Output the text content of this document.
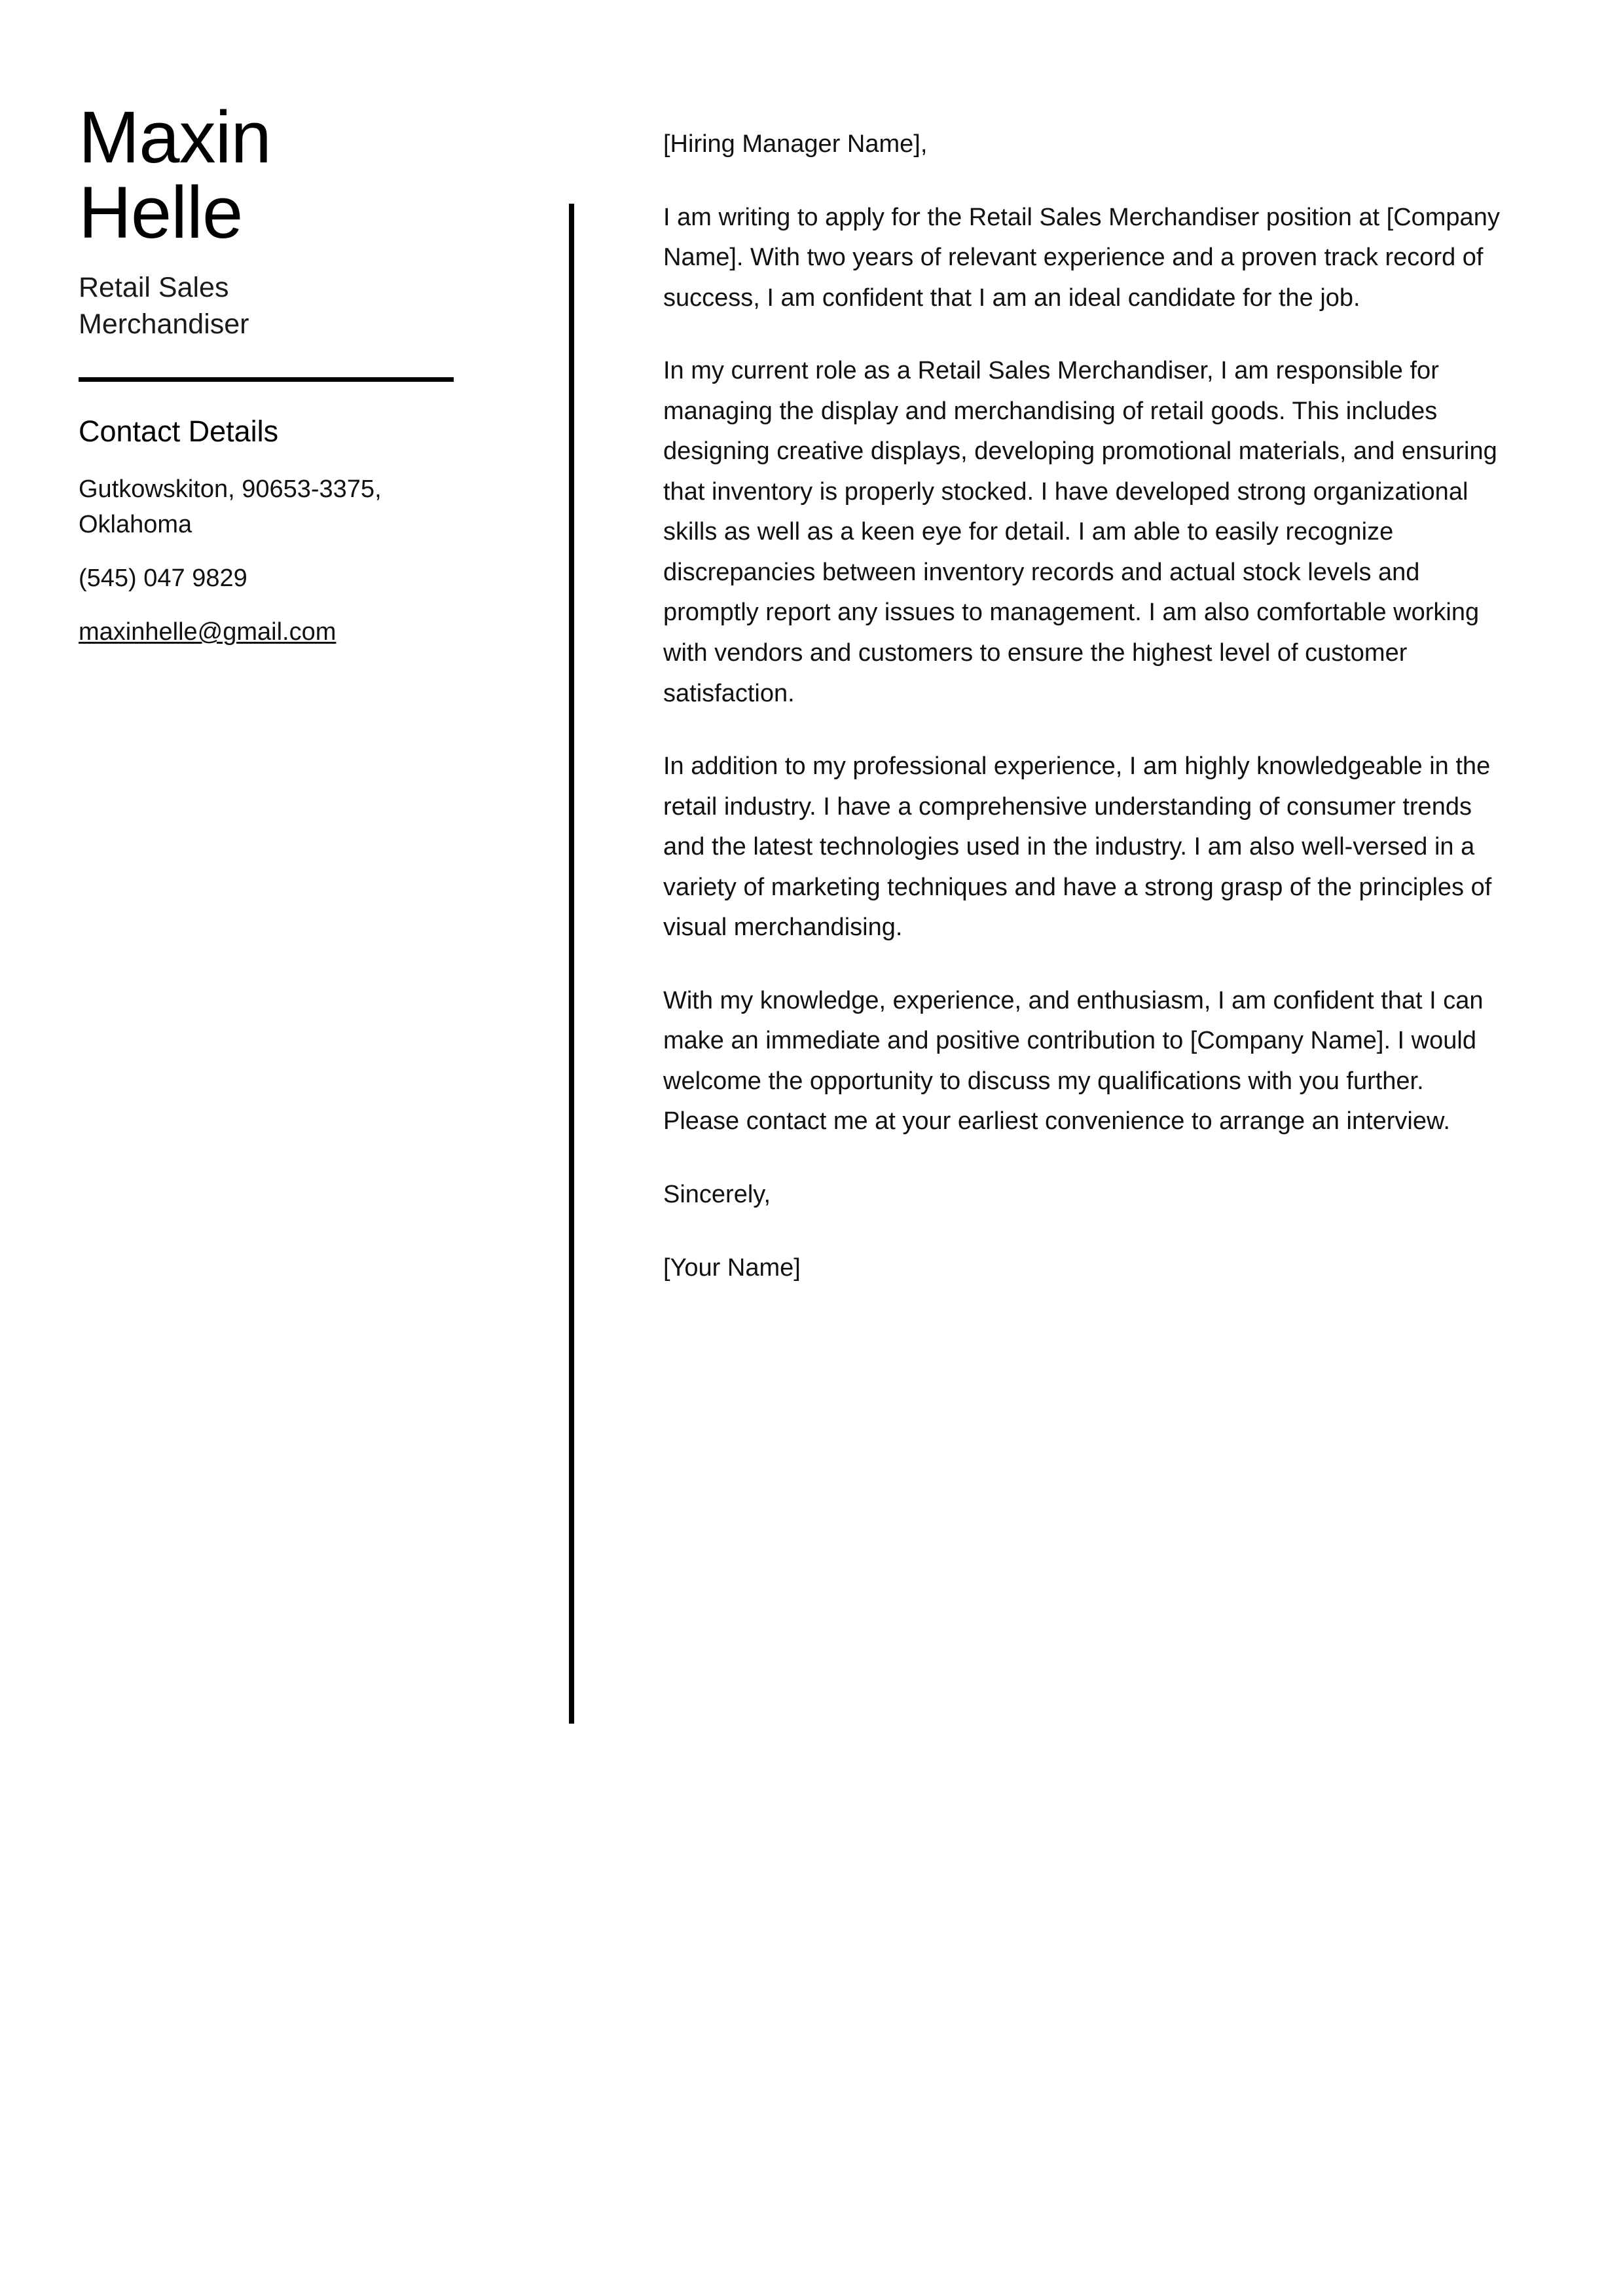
Maxin
Helle
Retail Sales Merchandiser
Contact Details
Gutkowskiton, 90653-3375, Oklahoma
(545) 047 9829
maxinhelle@gmail.com
[Hiring Manager Name],
I am writing to apply for the Retail Sales Merchandiser position at [Company Name]. With two years of relevant experience and a proven track record of success, I am confident that I am an ideal candidate for the job.
In my current role as a Retail Sales Merchandiser, I am responsible for managing the display and merchandising of retail goods. This includes designing creative displays, developing promotional materials, and ensuring that inventory is properly stocked. I have developed strong organizational skills as well as a keen eye for detail. I am able to easily recognize discrepancies between inventory records and actual stock levels and promptly report any issues to management. I am also comfortable working with vendors and customers to ensure the highest level of customer satisfaction.
In addition to my professional experience, I am highly knowledgeable in the retail industry. I have a comprehensive understanding of consumer trends and the latest technologies used in the industry. I am also well-versed in a variety of marketing techniques and have a strong grasp of the principles of visual merchandising.
With my knowledge, experience, and enthusiasm, I am confident that I can make an immediate and positive contribution to [Company Name]. I would welcome the opportunity to discuss my qualifications with you further. Please contact me at your earliest convenience to arrange an interview.
Sincerely,
[Your Name]
